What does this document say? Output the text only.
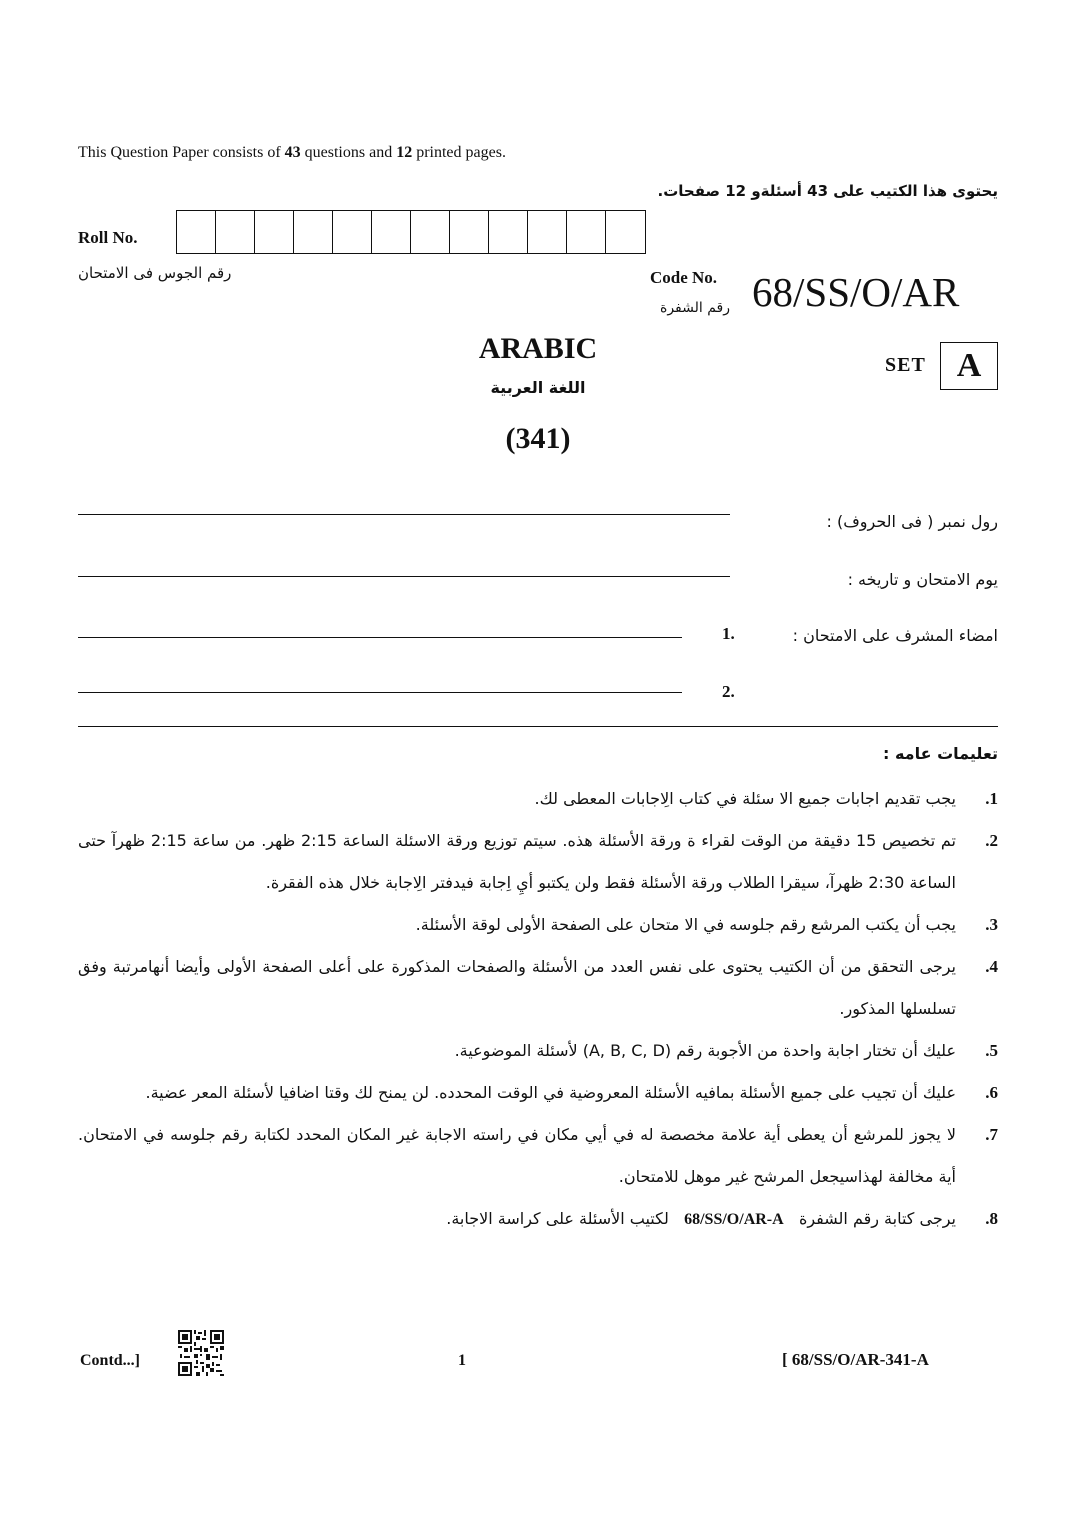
This Question Paper consists of 43 questions and 12 printed pages.
يحتوى هذا الكتيب على 43 أسئلةو 12 صفحات.
Roll No.
رقم الجوس فى الامتحان	Code No.
رقم الشفرة 68/SS/O/AR
SET A
ARABIC
اللغة العربية
(341)
رول نمبر ( فى الحروف) :
يوم الامتحان و تاريخه :
1.	امضاء المشرف على الامتحان :
2.
تعليمات عامه :
1.
يجب تقديم اجابات جميع الا سئلة في كتاب الِاجابات المعطى لك.
2.
تم تخصيص 15 دقيقة من الوقت لقراء ة ورقة الأسئلة هذه. سيتم توزيع ورقة الاسئلة الساعة 2:15 ظهر. من ساعة 2:15 ظهرآ حتى الساعة 2:30 ظهرآ، سيقرا الطلاب ورقة الأسئلة فقط ولن يكتبو أيِ اِجابة فيدفتر الِاجابة خلال هذه الفقرة.
3.
يجب أن يكتب المرشع رقم جلوسه في الا متحان على الصفحة الأولى لوقة الأسئلة.
4.
يرجى التحقق من أن الكتيب يحتوى على نفس العدد من الأسئلة والصفحات المذكورة على أعلى الصفحة الأولى وأيضا أنهامرتبة وفق تسلسلها المذكور.
5.
عليك أن تختار اجابة واحدة من الأجوبة رقم (A, B, C, D) لأسئلة الموضوعية.
6.
عليك أن تجيب على جميع الأسئلة بمافيه الأسئلة المعروضية في الوقت المحدده. لن يمنح لك وقتا اضافيا لأسئلة المعر عضية.
7.
لا يجوز للمرشع أن يعطى أية علامة مخصصة له في أيي مكان في راسته الاجابة غير المكان المحدد لكتابة رقم جلوسه في الامتحان. أية مخالفة لهذاسيجعل المرشح غير موهل للامتحان.
8.
يرجى كتابة رقم الشفرة   68/SS/O/AR-A   لكتيب الأسئلة على كراسة الاجابة.
Contd...]	1	[ 68/SS/O/AR-341-A
